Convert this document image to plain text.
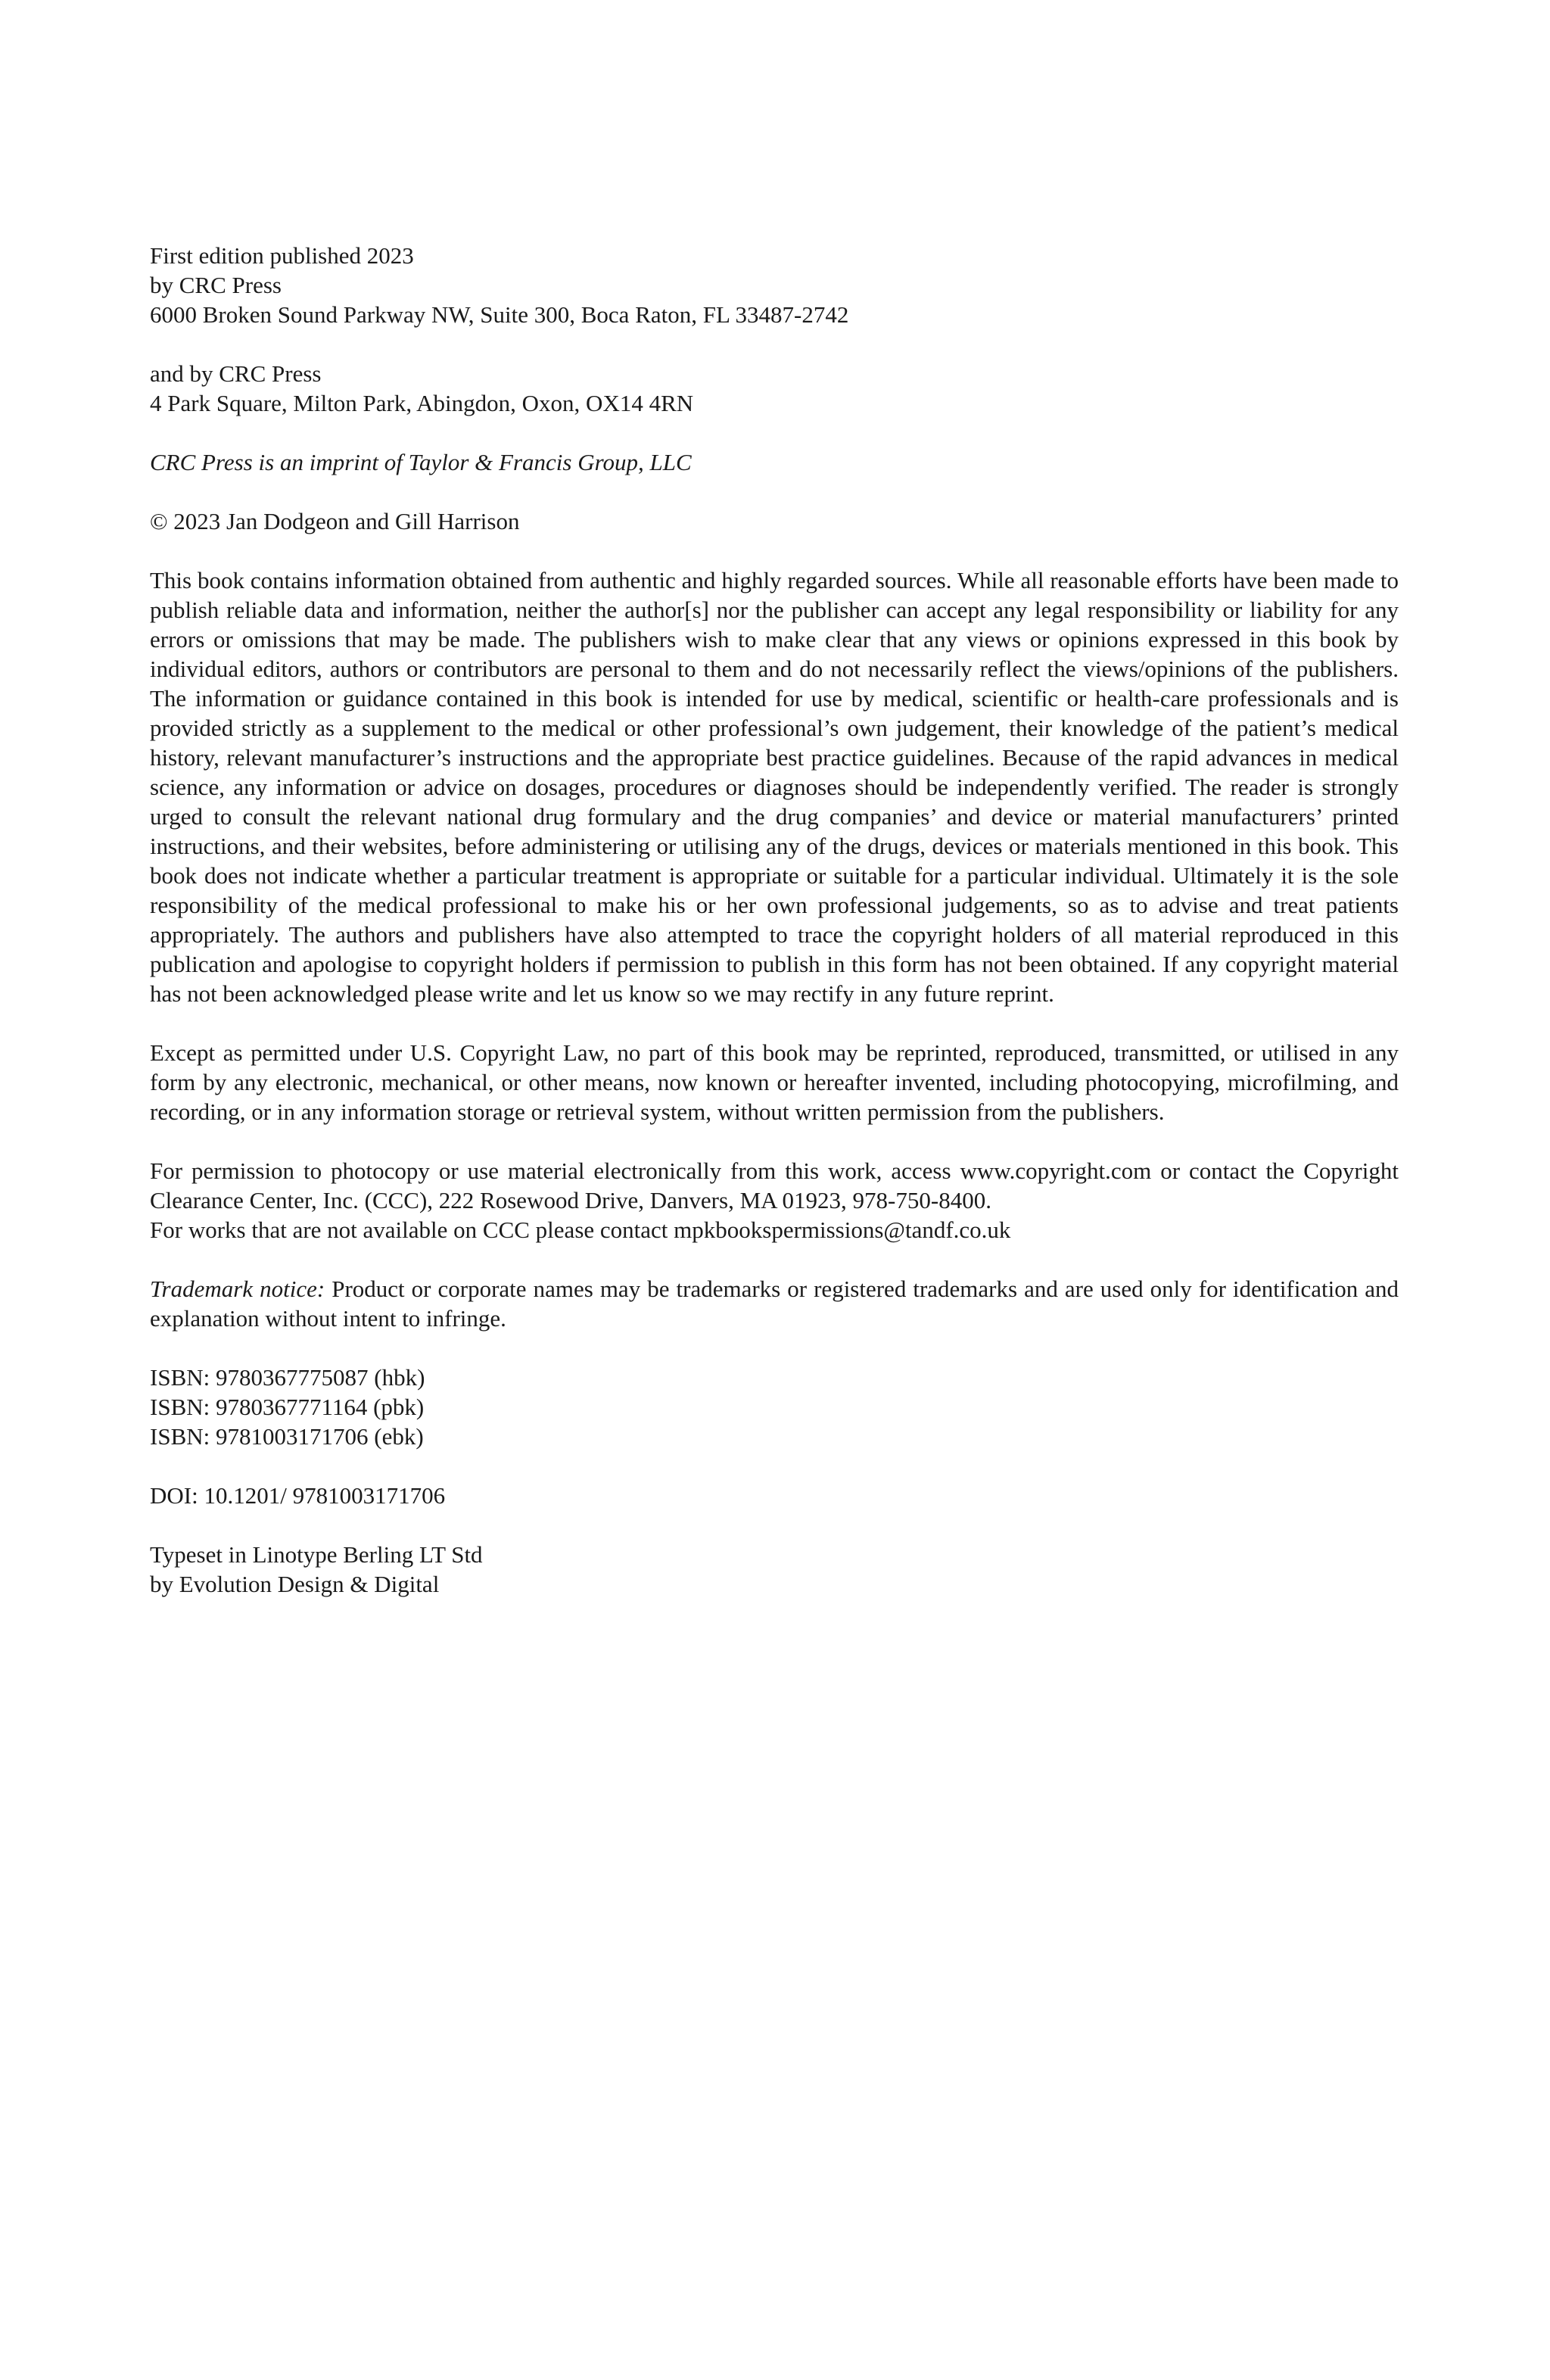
First edition published 2023
by CRC Press
6000 Broken Sound Parkway NW, Suite 300, Boca Raton, FL 33487-2742
and by CRC Press
4 Park Square, Milton Park, Abingdon, Oxon, OX14 4RN
CRC Press is an imprint of Taylor & Francis Group, LLC
© 2023 Jan Dodgeon and Gill Harrison
This book contains information obtained from authentic and highly regarded sources. While all reasonable efforts have been made to publish reliable data and information, neither the author[s] nor the publisher can accept any legal responsibility or liability for any errors or omissions that may be made. The publishers wish to make clear that any views or opinions expressed in this book by individual editors, authors or contributors are personal to them and do not necessarily reflect the views/opinions of the publishers. The information or guidance contained in this book is intended for use by medical, scientific or health-care professionals and is provided strictly as a supplement to the medical or other professional’s own judgement, their knowledge of the patient’s medical history, relevant manufacturer’s instructions and the appropriate best practice guidelines. Because of the rapid advances in medical science, any information or advice on dosages, procedures or diagnoses should be independently verified. The reader is strongly urged to consult the relevant national drug formulary and the drug companies’ and device or material manufacturers’ printed instructions, and their websites, before administering or utilising any of the drugs, devices or materials mentioned in this book. This book does not indicate whether a particular treatment is appropriate or suitable for a particular individual. Ultimately it is the sole responsibility of the medical professional to make his or her own professional judgements, so as to advise and treat patients appropriately. The authors and publishers have also attempted to trace the copyright holders of all material reproduced in this publication and apologise to copyright holders if permission to publish in this form has not been obtained. If any copyright material has not been acknowledged please write and let us know so we may rectify in any future reprint.
Except as permitted under U.S. Copyright Law, no part of this book may be reprinted, reproduced, transmitted, or utilised in any form by any electronic, mechanical, or other means, now known or hereafter invented, including photocopying, microfilming, and recording, or in any information storage or retrieval system, without written permission from the publishers.
For permission to photocopy or use material electronically from this work, access www.copyright.com or contact the Copyright Clearance Center, Inc. (CCC), 222 Rosewood Drive, Danvers, MA 01923, 978-750-8400.
For works that are not available on CCC please contact mpkbookspermissions@tandf.co.uk
Trademark notice: Product or corporate names may be trademarks or registered trademarks and are used only for identification and explanation without intent to infringe.
ISBN: 9780367775087 (hbk)
ISBN: 9780367771164 (pbk)
ISBN: 9781003171706 (ebk)
DOI: 10.1201/ 9781003171706
Typeset in Linotype Berling LT Std
by Evolution Design & Digital
